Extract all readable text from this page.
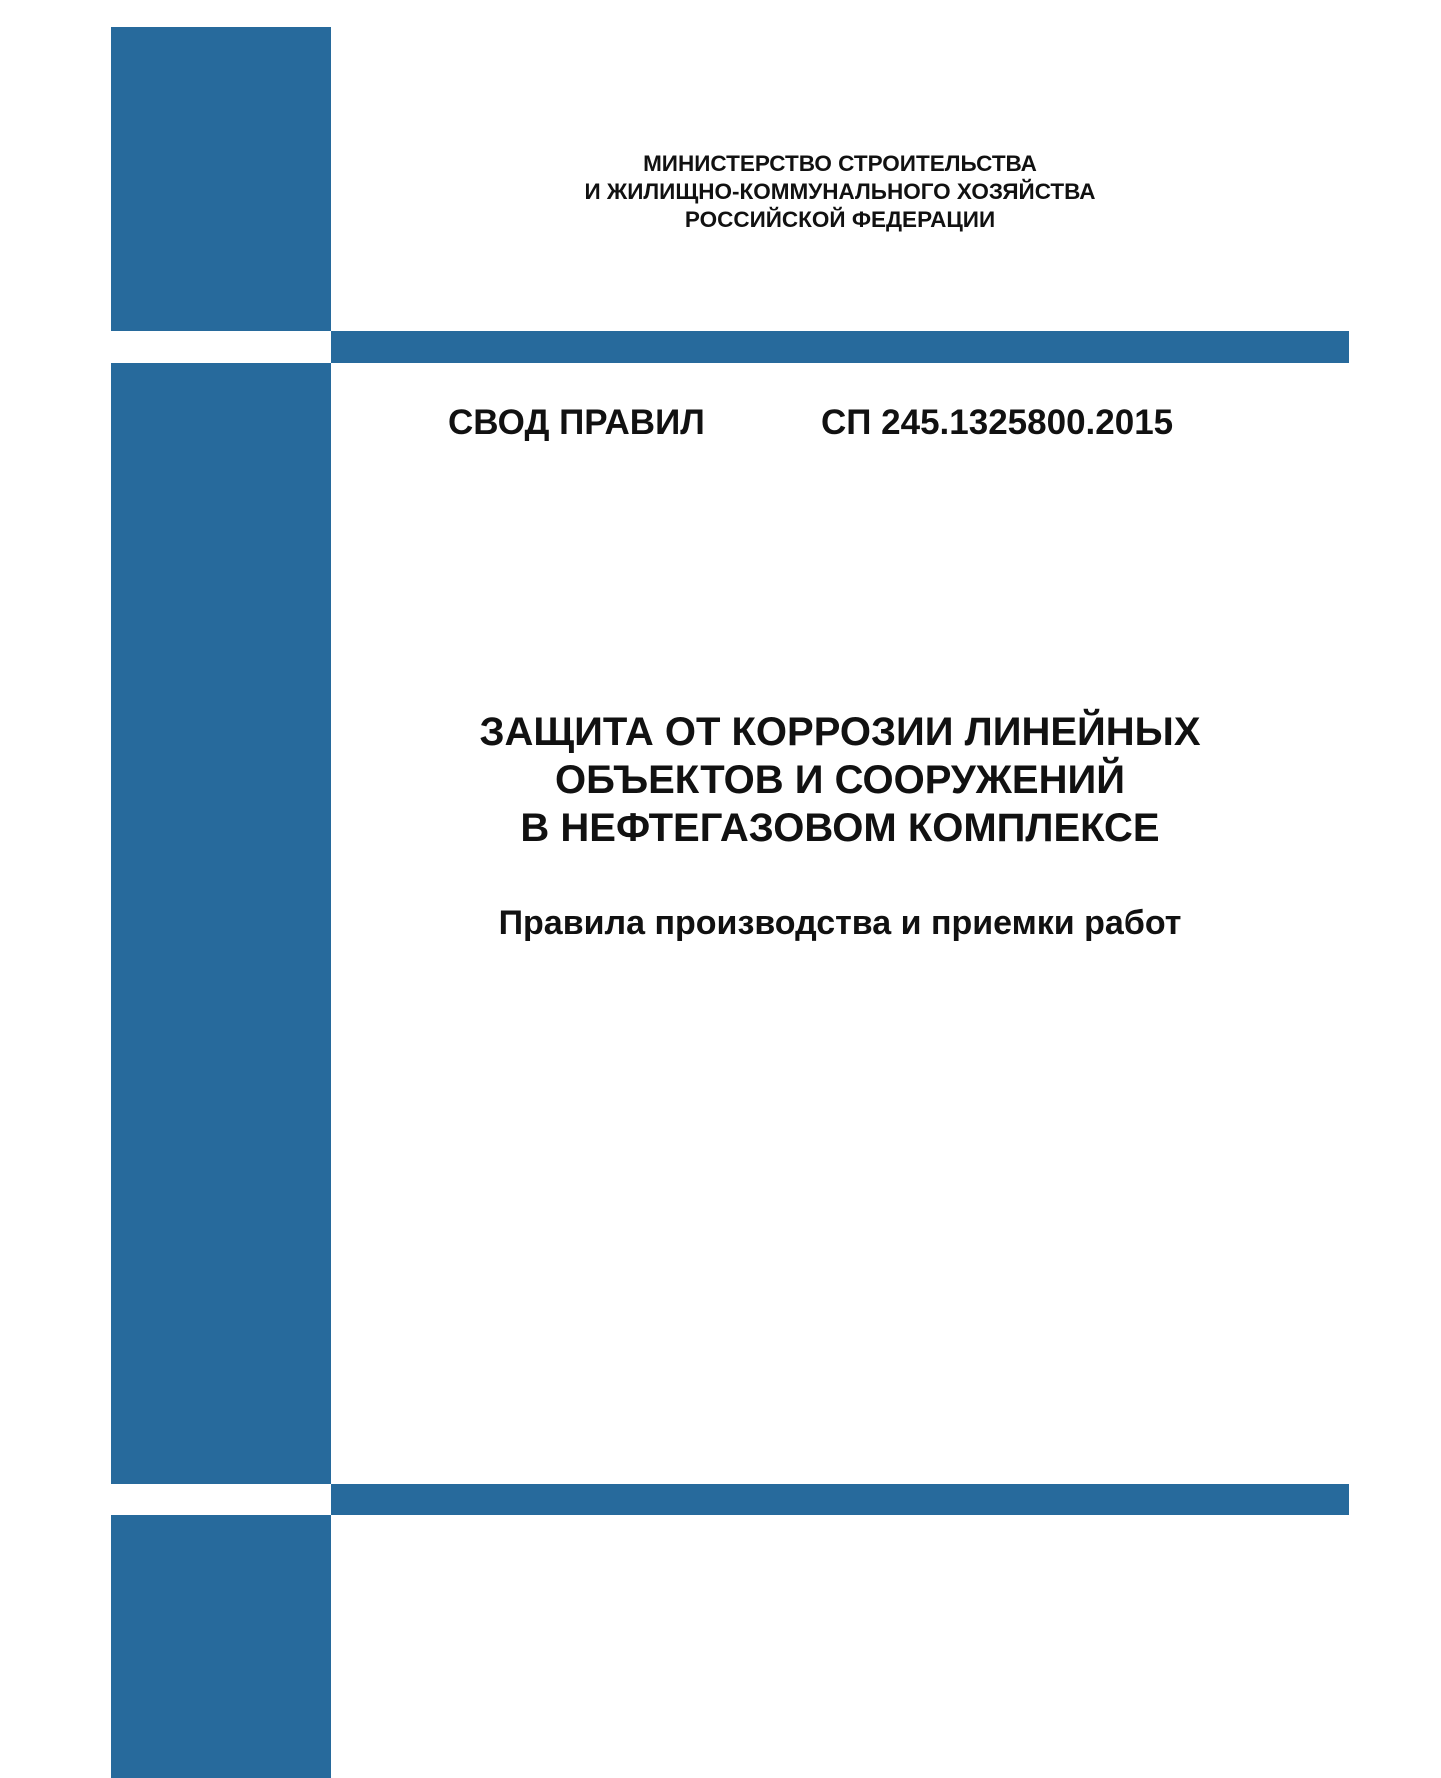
МИНИСТЕРСТВО СТРОИТЕЛЬСТВА
И ЖИЛИЩНО-КОММУНАЛЬНОГО ХОЗЯЙСТВА
РОССИЙСКОЙ ФЕДЕРАЦИИ
СВОД ПРАВИЛ	СП 245.1325800.2015
ЗАЩИТА ОТ КОРРОЗИИ ЛИНЕЙНЫХ
ОБЪЕКТОВ И СООРУЖЕНИЙ
В НЕФТЕГАЗОВОМ КОМПЛЕКСЕ
Правила производства и приемки работ
